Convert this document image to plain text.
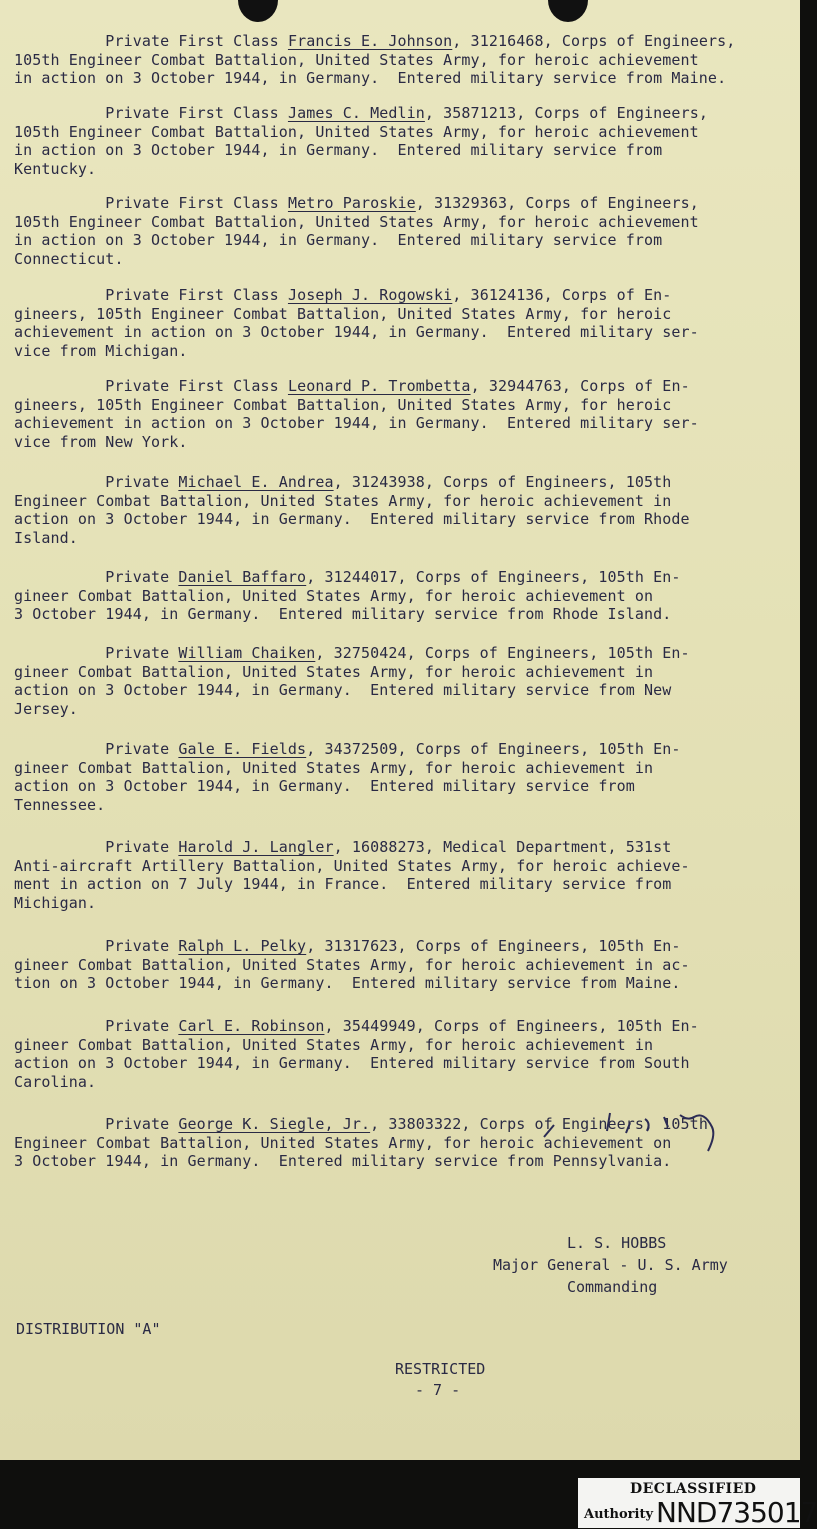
Private First Class Francis E. Johnson, 31216468, Corps of Engineers,
105th Engineer Combat Battalion, United States Army, for heroic achievement
in action on 3 October 1944, in Germany.  Entered military service from Maine.
Private First Class James C. Medlin, 35871213, Corps of Engineers,
105th Engineer Combat Battalion, United States Army, for heroic achievement
in action on 3 October 1944, in Germany.  Entered military service from
Kentucky.
Private First Class Metro Paroskie, 31329363, Corps of Engineers,
105th Engineer Combat Battalion, United States Army, for heroic achievement
in action on 3 October 1944, in Germany.  Entered military service from
Connecticut.
Private First Class Joseph J. Rogowski, 36124136, Corps of En-
gineers, 105th Engineer Combat Battalion, United States Army, for heroic
achievement in action on 3 October 1944, in Germany.  Entered military ser-
vice from Michigan.
Private First Class Leonard P. Trombetta, 32944763, Corps of En-
gineers, 105th Engineer Combat Battalion, United States Army, for heroic
achievement in action on 3 October 1944, in Germany.  Entered military ser-
vice from New York.
Private Michael E. Andrea, 31243938, Corps of Engineers, 105th
Engineer Combat Battalion, United States Army, for heroic achievement in
action on 3 October 1944, in Germany.  Entered military service from Rhode
Island.
Private Daniel Baffaro, 31244017, Corps of Engineers, 105th En-
gineer Combat Battalion, United States Army, for heroic achievement on
3 October 1944, in Germany.  Entered military service from Rhode Island.
Private William Chaiken, 32750424, Corps of Engineers, 105th En-
gineer Combat Battalion, United States Army, for heroic achievement in
action on 3 October 1944, in Germany.  Entered military service from New
Jersey.
Private Gale E. Fields, 34372509, Corps of Engineers, 105th En-
gineer Combat Battalion, United States Army, for heroic achievement in
action on 3 October 1944, in Germany.  Entered military service from
Tennessee.
Private Harold J. Langler, 16088273, Medical Department, 531st
Anti-aircraft Artillery Battalion, United States Army, for heroic achieve-
ment in action on 7 July 1944, in France.  Entered military service from
Michigan.
Private Ralph L. Pelky, 31317623, Corps of Engineers, 105th En-
gineer Combat Battalion, United States Army, for heroic achievement in ac-
tion on 3 October 1944, in Germany.  Entered military service from Maine.
Private Carl E. Robinson, 35449949, Corps of Engineers, 105th En-
gineer Combat Battalion, United States Army, for heroic achievement in
action on 3 October 1944, in Germany.  Entered military service from South
Carolina.
Private George K. Siegle, Jr., 33803322, Corps of Engineers, 105th
Engineer Combat Battalion, United States Army, for heroic achievement on
3 October 1944, in Germany.  Entered military service from Pennsylvania.
L. S. HOBBS
Major General - U. S. Army
Commanding
DISTRIBUTION "A"
RESTRICTED
- 7 -
DECLASSIFIED
Authority NND735017
